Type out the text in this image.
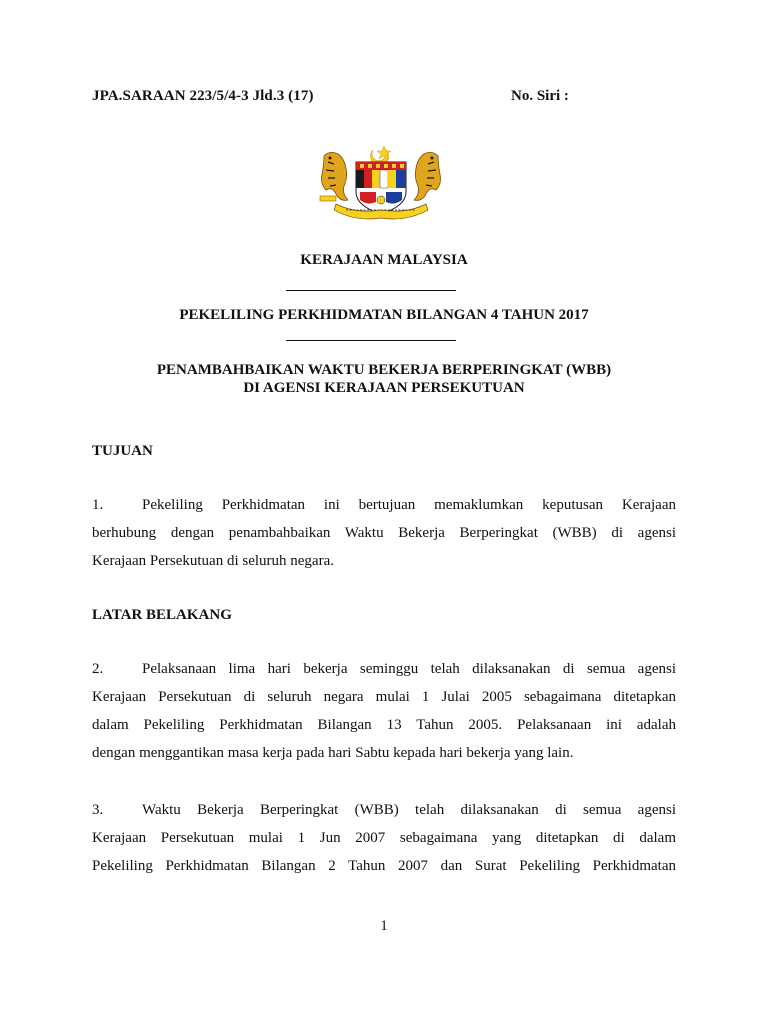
JPA.SARAAN 223/5/4-3 Jld.3 (17)	No. Siri :
KERAJAAN MALAYSIA
PEKELILING PERKHIDMATAN BILANGAN 4 TAHUN 2017
PENAMBAHBAIKAN WAKTU BEKERJA BERPERINGKAT (WBB)
DI AGENSI KERAJAAN PERSEKUTUAN
TUJUAN
1.	Pekeliling Perkhidmatan ini bertujuan memaklumkan keputusan Kerajaan
berhubung dengan penambahbaikan Waktu Bekerja Berperingkat (WBB) di agensi
Kerajaan Persekutuan di seluruh negara.
LATAR BELAKANG
2.	Pelaksanaan lima hari bekerja seminggu telah dilaksanakan di semua agensi
Kerajaan Persekutuan di seluruh negara mulai 1 Julai 2005 sebagaimana ditetapkan
dalam Pekeliling Perkhidmatan Bilangan 13 Tahun 2005. Pelaksanaan ini adalah
dengan menggantikan masa kerja pada hari Sabtu kepada hari bekerja yang lain.
3.	Waktu Bekerja Berperingkat (WBB) telah dilaksanakan di semua agensi
Kerajaan Persekutuan mulai 1 Jun 2007 sebagaimana yang ditetapkan di dalam
Pekeliling Perkhidmatan Bilangan 2 Tahun 2007 dan Surat Pekeliling Perkhidmatan
1
